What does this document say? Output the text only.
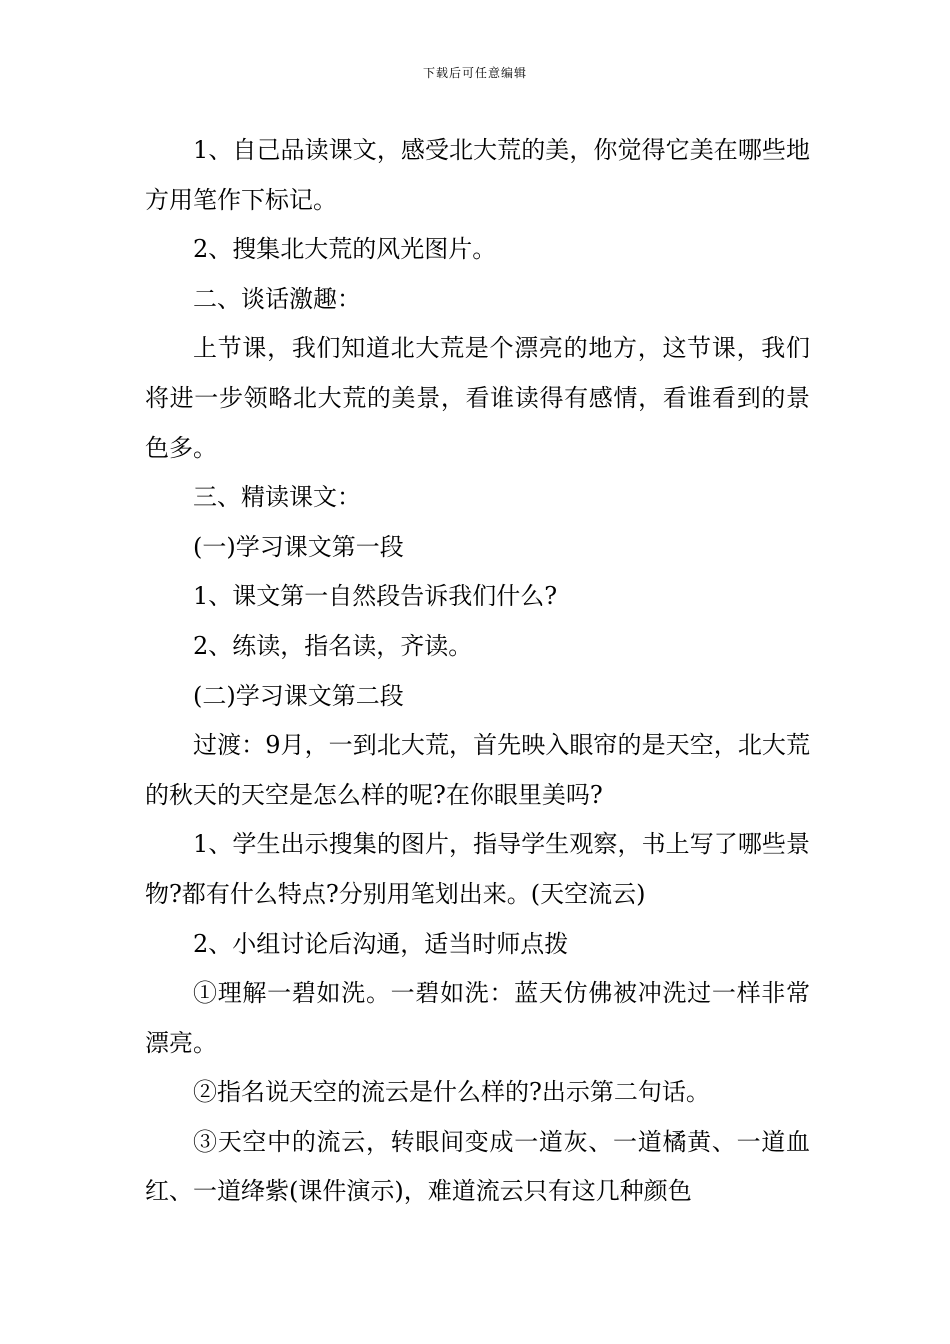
下载后可任意编辑

1、自己品读课文，感受北大荒的美，你觉得它美在哪些地方用笔作下标记。

2、搜集北大荒的风光图片。

二、谈话激趣：

上节课，我们知道北大荒是个漂亮的地方，这节课，我们将进一步领略北大荒的美景，看谁读得有感情，看谁看到的景色多。

三、精读课文：

(一)学习课文第一段

1、课文第一自然段告诉我们什么?

2、练读，指名读，齐读。

(二)学习课文第二段

过渡：9月，一到北大荒，首先映入眼帘的是天空，北大荒的秋天的天空是怎么样的呢?在你眼里美吗?

1、学生出示搜集的图片，指导学生观察，书上写了哪些景物?都有什么特点?分别用笔划出来。(天空流云)

2、小组讨论后沟通，适当时师点拨

①理解一碧如洗。一碧如洗：蓝天仿佛被冲洗过一样非常漂亮。

②指名说天空的流云是什么样的?出示第二句话。

③天空中的流云，转眼间变成一道灰、一道橘黄、一道血红、一道绛紫(课件演示)，难道流云只有这几种颜色
